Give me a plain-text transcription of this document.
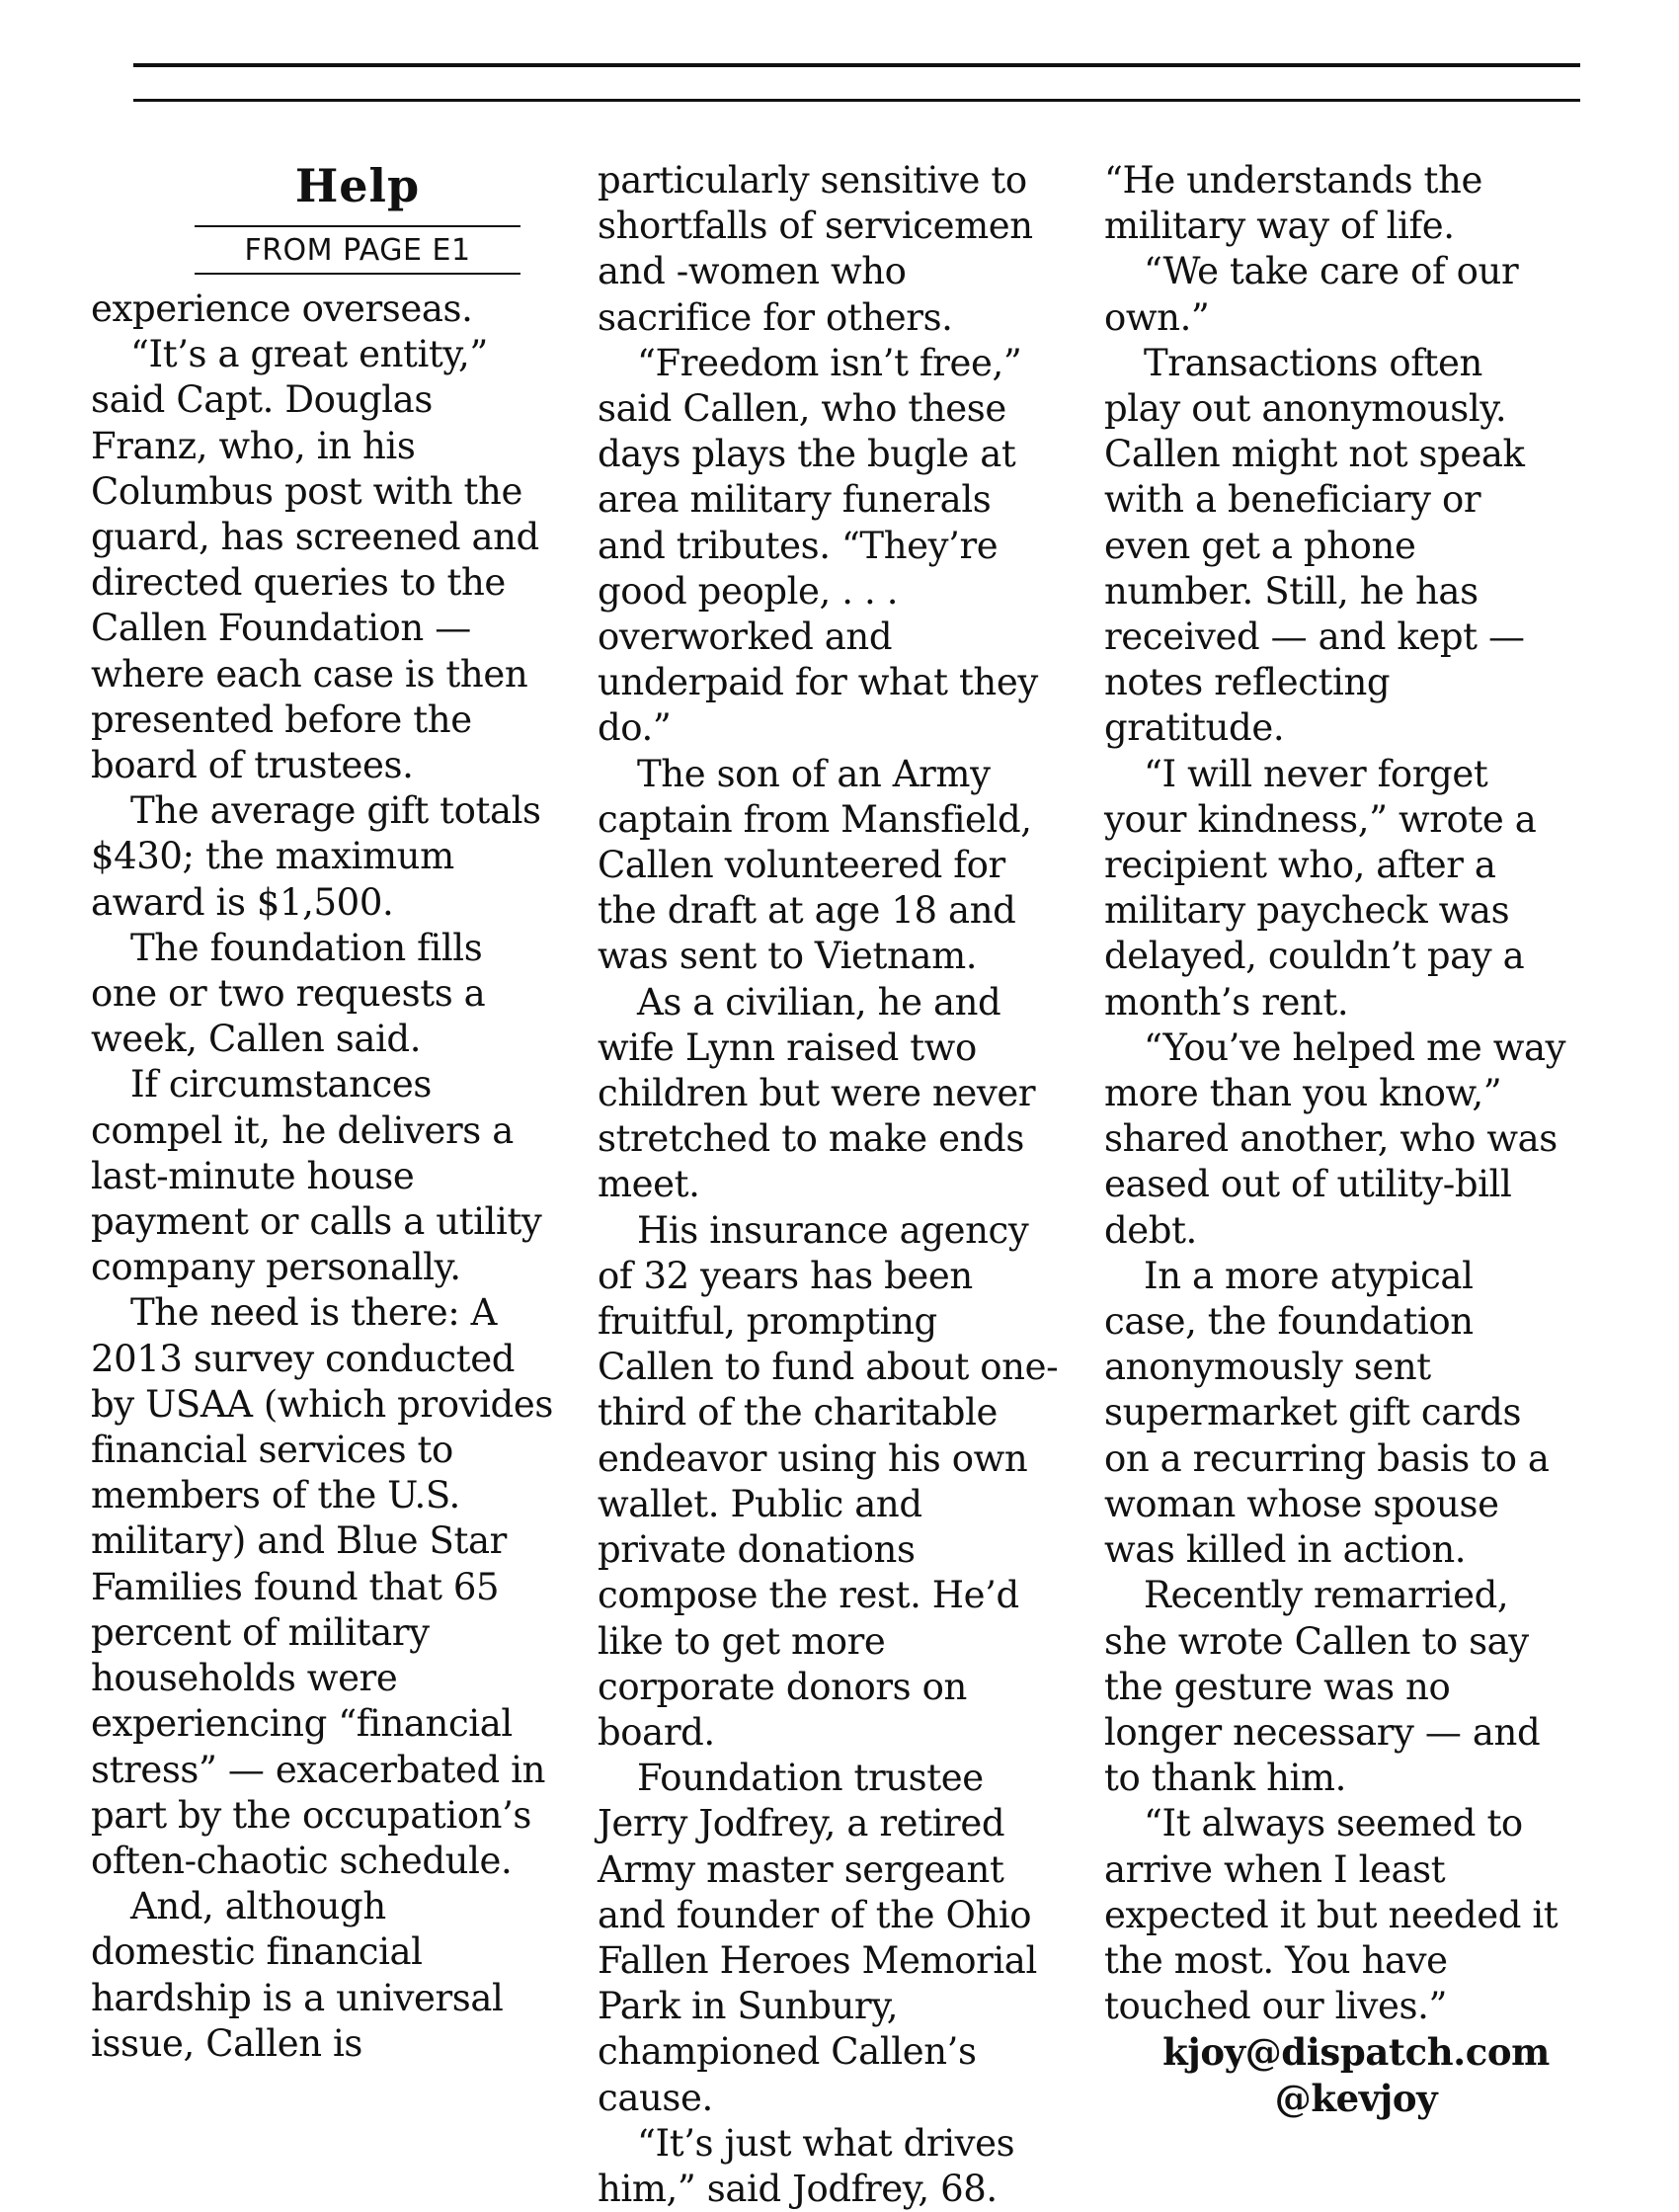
Help
FROM PAGE E1

experience overseas.

“It’s a great entity,” said Capt. Douglas Franz, who, in his Columbus post with the guard, has screened and directed queries to the Callen Foundation — where each case is then presented before the board of trustees.

The average gift totals $430; the maximum award is $1,500.

The foundation fills one or two requests a week, Callen said.

If circumstances compel it, he delivers a last-minute house payment or calls a utility company personally.

The need is there: A 2013 survey conducted by USAA (which provides financial services to members of the U.S. military) and Blue Star Families found that 65 percent of military households were experiencing “financial stress” — exacerbated in part by the occupation’s often-chaotic schedule.

And, although domestic financial hardship is a universal issue, Callen is

particularly sensitive to shortfalls of servicemen and -women who sacrifice for others.

“Freedom isn’t free,” said Callen, who these days plays the bugle at area military funerals and tributes. “They’re good people, . . . overworked and underpaid for what they do.”

The son of an Army captain from Mansfield, Callen volunteered for the draft at age 18 and was sent to Vietnam.

As a civilian, he and wife Lynn raised two children but were never stretched to make ends meet.

His insurance agency of 32 years has been fruitful, prompting Callen to fund about one-third of the charitable endeavor using his own wallet. Public and private donations compose the rest. He’d like to get more corporate donors on board.

Foundation trustee Jerry Jodfrey, a retired Army master sergeant and founder of the Ohio Fallen Heroes Memorial Park in Sunbury, championed Callen’s cause.

“It’s just what drives him,” said Jodfrey, 68.

“He understands the military way of life.

“We take care of our own.”

Transactions often play out anonymously. Callen might not speak with a beneficiary or even get a phone number. Still, he has received — and kept — notes reflecting gratitude.

“I will never forget your kindness,” wrote a recipient who, after a military paycheck was delayed, couldn’t pay a month’s rent.

“You’ve helped me way more than you know,” shared another, who was eased out of utility-bill debt.

In a more atypical case, the foundation anonymously sent supermarket gift cards on a recurring basis to a woman whose spouse was killed in action.

Recently remarried, she wrote Callen to say the gesture was no longer necessary — and to thank him.

“It always seemed to arrive when I least expected it but needed it the most. You have touched our lives.”

kjoy@dispatch.com

@kevjoy
